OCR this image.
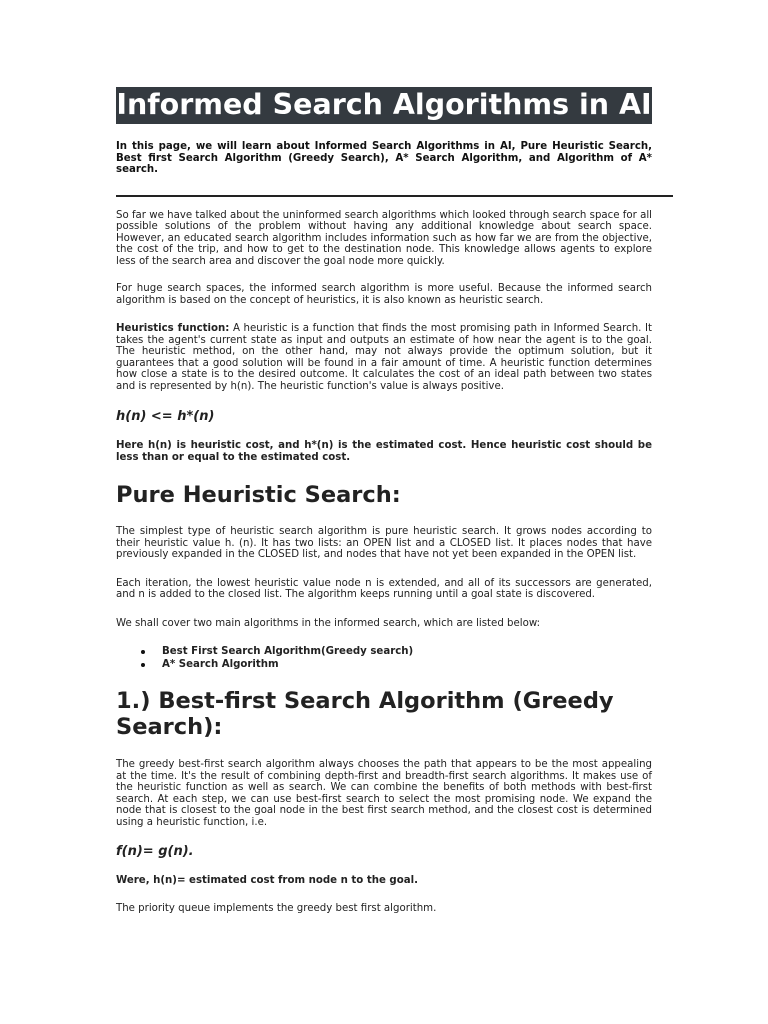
Informed Search Algorithms in AI

In this page, we will learn about Informed Search Algorithms in AI, Pure Heuristic Search, Best first Search Algorithm (Greedy Search), A* Search Algorithm, and Algorithm of A* search.

So far we have talked about the uninformed search algorithms which looked through search space for all possible solutions of the problem without having any additional knowledge about search space. However, an educated search algorithm includes information such as how far we are from the objective, the cost of the trip, and how to get to the destination node. This knowledge allows agents to explore less of the search area and discover the goal node more quickly.

For huge search spaces, the informed search algorithm is more useful. Because the informed search algorithm is based on the concept of heuristics, it is also known as heuristic search.

Heuristics function: A heuristic is a function that finds the most promising path in Informed Search. It takes the agent's current state as input and outputs an estimate of how near the agent is to the goal. The heuristic method, on the other hand, may not always provide the optimum solution, but it guarantees that a good solution will be found in a fair amount of time. A heuristic function determines how close a state is to the desired outcome. It calculates the cost of an ideal path between two states and is represented by h(n). The heuristic function's value is always positive.

h(n) <= h*(n)

Here h(n) is heuristic cost, and h*(n) is the estimated cost. Hence heuristic cost should be less than or equal to the estimated cost.

Pure Heuristic Search:

The simplest type of heuristic search algorithm is pure heuristic search. It grows nodes according to their heuristic value h. (n). It has two lists: an OPEN list and a CLOSED list. It places nodes that have previously expanded in the CLOSED list, and nodes that have not yet been expanded in the OPEN list.

Each iteration, the lowest heuristic value node n is extended, and all of its successors are generated, and n is added to the closed list. The algorithm keeps running until a goal state is discovered.

We shall cover two main algorithms in the informed search, which are listed below:

Best First Search Algorithm(Greedy search)
A* Search Algorithm
1.) Best-first Search Algorithm (Greedy Search):

The greedy best-first search algorithm always chooses the path that appears to be the most appealing at the time. It's the result of combining depth-first and breadth-first search algorithms. It makes use of the heuristic function as well as search. We can combine the benefits of both methods with best-first search. At each step, we can use best-first search to select the most promising node. We expand the node that is closest to the goal node in the best first search method, and the closest cost is determined using a heuristic function, i.e.

f(n)= g(n).

Were, h(n)= estimated cost from node n to the goal.

The priority queue implements the greedy best first algorithm.
